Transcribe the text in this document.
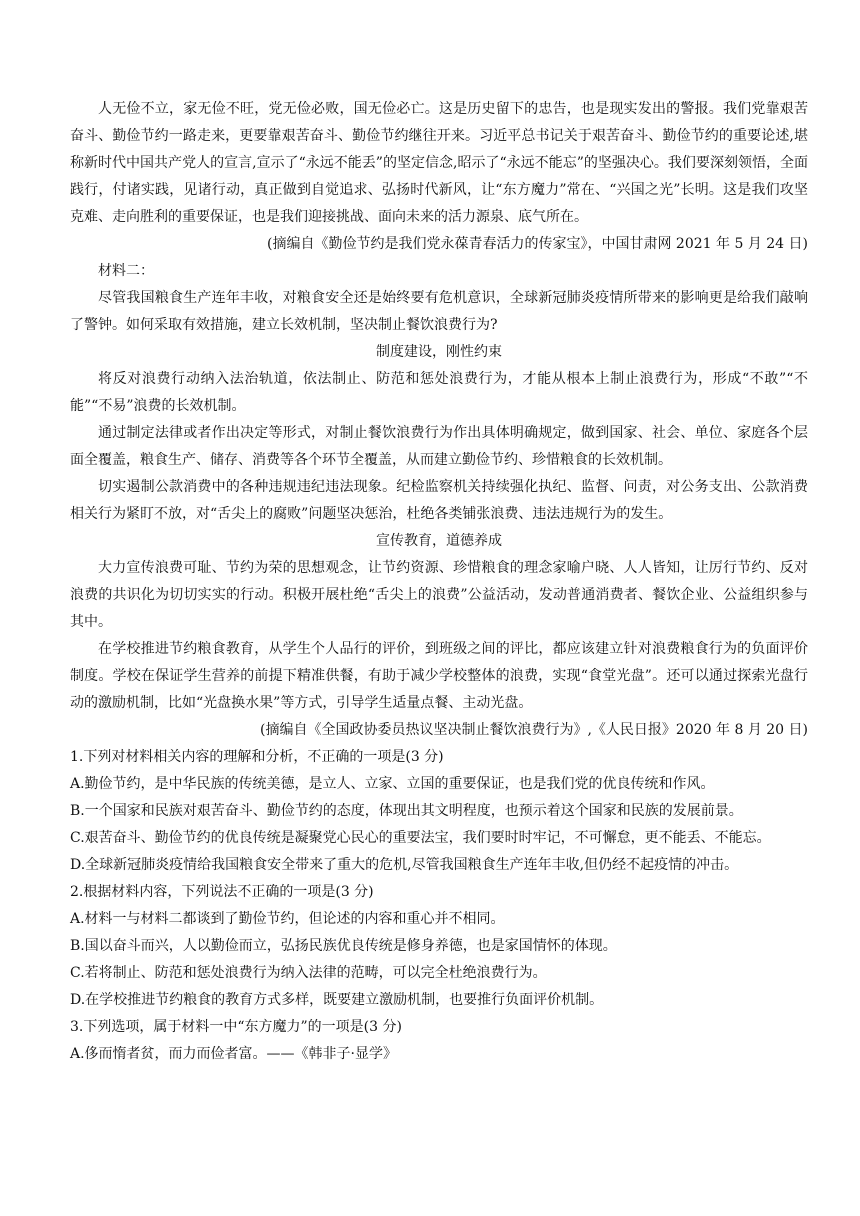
人无俭不立，家无俭不旺，党无俭必败，国无俭必亡。这是历史留下的忠告，也是现实发出的警报。我们党靠艰苦奋斗、勤俭节约一路走来，更要靠艰苦奋斗、勤俭节约继往开来。习近平总书记关于艰苦奋斗、勤俭节约的重要论述,堪称新时代中国共产党人的宣言,宣示了“永远不能丢”的坚定信念,昭示了“永远不能忘”的坚强决心。我们要深刻领悟，全面践行，付诸实践，见诸行动，真正做到自觉追求、弘扬时代新风，让“东方魔力”常在、“兴国之光”长明。这是我们攻坚克难、走向胜利的重要保证，也是我们迎接挑战、面向未来的活力源泉、底气所在。

(摘编自《勤俭节约是我们党永葆青春活力的传家宝》，中国甘肃网 2021 年 5 月 24 日)

材料二：

尽管我国粮食生产连年丰收，对粮食安全还是始终要有危机意识，全球新冠肺炎疫情所带来的影响更是给我们敲响了警钟。如何采取有效措施，建立长效机制，坚决制止餐饮浪费行为?

制度建设，刚性约束

将反对浪费行动纳入法治轨道，依法制止、防范和惩处浪费行为，才能从根本上制止浪费行为，形成“不敢”“不能”“不易”浪费的长效机制。

通过制定法律或者作出决定等形式，对制止餐饮浪费行为作出具体明确规定，做到国家、社会、单位、家庭各个层面全覆盖，粮食生产、储存、消费等各个环节全覆盖，从而建立勤俭节约、珍惜粮食的长效机制。

切实遏制公款消费中的各种违规违纪违法现象。纪检监察机关持续强化执纪、监督、问责，对公务支出、公款消费相关行为紧盯不放，对“舌尖上的腐败”问题坚决惩治，杜绝各类铺张浪费、违法违规行为的发生。

宣传教育，道德养成

大力宣传浪费可耻、节约为荣的思想观念，让节约资源、珍惜粮食的理念家喻户晓、人人皆知，让厉行节约、反对浪费的共识化为切切实实的行动。积极开展杜绝“舌尖上的浪费”公益活动，发动普通消费者、餐饮企业、公益组织参与其中。

在学校推进节约粮食教育，从学生个人品行的评价，到班级之间的评比，都应该建立针对浪费粮食行为的负面评价制度。学校在保证学生营养的前提下精准供餐，有助于减少学校整体的浪费，实现“食堂光盘”。还可以通过探索光盘行动的激励机制，比如“光盘换水果”等方式，引导学生适量点餐、主动光盘。

(摘编自《全国政协委员热议坚决制止餐饮浪费行为》,《人民日报》2020 年 8 月 20 日)

1.下列对材料相关内容的理解和分析，不正确的一项是(3 分)

A.勤俭节约，是中华民族的传统美德，是立人、立家、立国的重要保证，也是我们党的优良传统和作风。

B.一个国家和民族对艰苦奋斗、勤俭节约的态度，体现出其文明程度，也预示着这个国家和民族的发展前景。

C.艰苦奋斗、勤俭节约的优良传统是凝聚党心民心的重要法宝，我们要时时牢记，不可懈怠，更不能丢、不能忘。

D.全球新冠肺炎疫情给我国粮食安全带来了重大的危机,尽管我国粮食生产连年丰收,但仍经不起疫情的冲击。

2.根据材料内容，下列说法不正确的一项是(3 分)

A.材料一与材料二都谈到了勤俭节约，但论述的内容和重心并不相同。

B.国以奋斗而兴，人以勤俭而立，弘扬民族优良传统是修身养德，也是家国情怀的体现。

C.若将制止、防范和惩处浪费行为纳入法律的范畴，可以完全杜绝浪费行为。

D.在学校推进节约粮食的教育方式多样，既要建立激励机制，也要推行负面评价机制。

3.下列选项，属于材料一中“东方魔力”的一项是(3 分)

A.侈而惰者贫，而力而俭者富。——《韩非子·显学》
